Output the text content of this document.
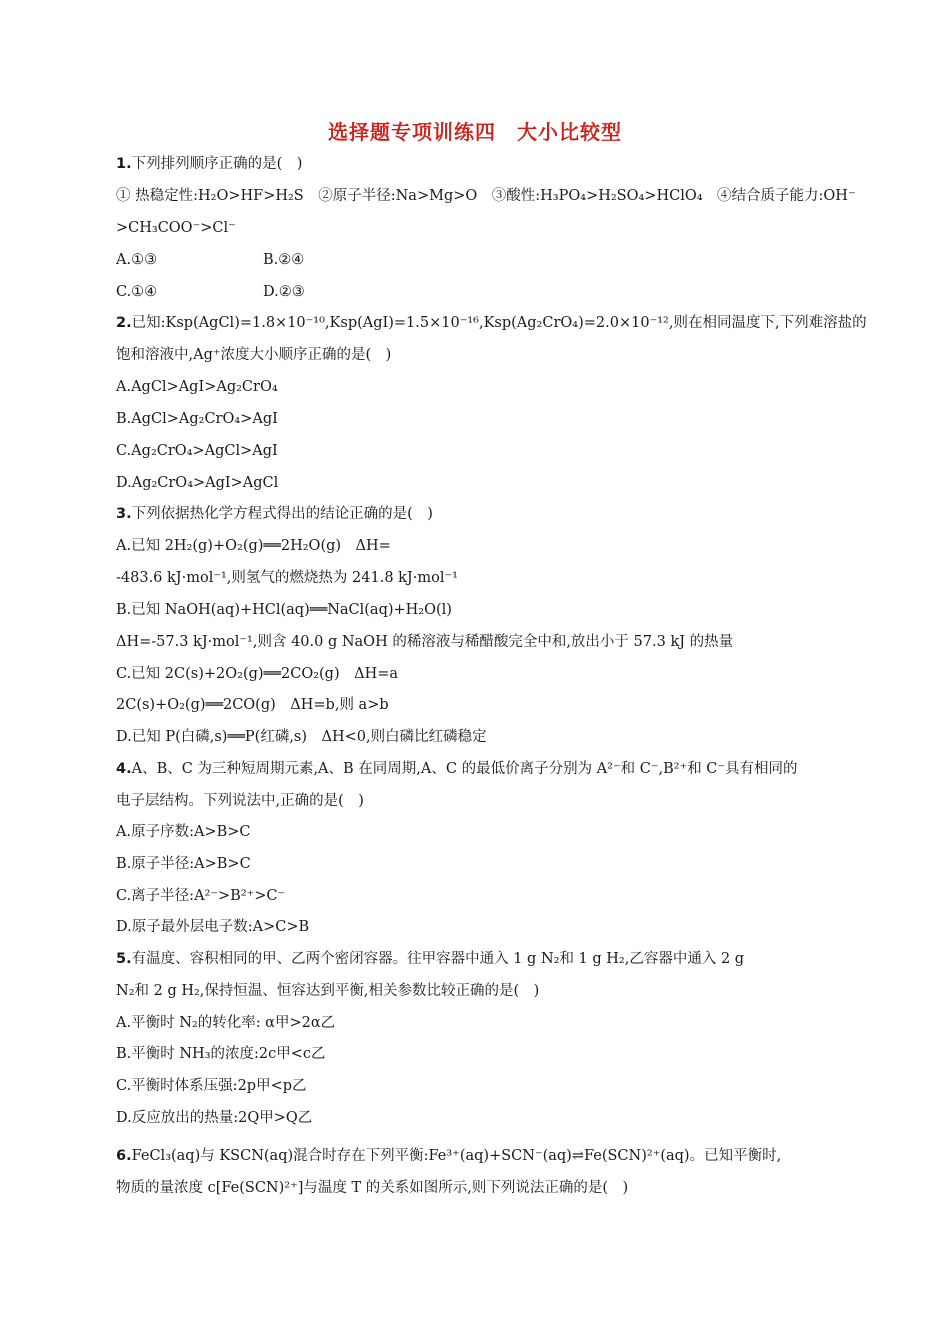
选择题专项训练四　大小比较型
1.下列排列顺序正确的是(　)
① 热稳定性:H₂O>HF>H₂S　②原子半径:Na>Mg>O　③酸性:H₃PO₄>H₂SO₄>HClO₄　④结合质子能力:OH⁻
>CH₃COO⁻>Cl⁻
A.①③	B.②④
C.①④	D.②③
2.已知:Ksp(AgCl)=1.8×10⁻¹⁰,Ksp(AgI)=1.5×10⁻¹⁶,Ksp(Ag₂CrO₄)=2.0×10⁻¹²,则在相同温度下,下列难溶盐的
饱和溶液中,Ag⁺浓度大小顺序正确的是(　)
A.AgCl>AgI>Ag₂CrO₄
B.AgCl>Ag₂CrO₄>AgI
C.Ag₂CrO₄>AgCl>AgI
D.Ag₂CrO₄>AgI>AgCl
3.下列依据热化学方程式得出的结论正确的是(　)
A.已知 2H₂(g)+O₂(g)══2H₂O(g)　ΔH=
-483.6 kJ·mol⁻¹,则氢气的燃烧热为 241.8 kJ·mol⁻¹
B.已知 NaOH(aq)+HCl(aq)══NaCl(aq)+H₂O(l)
ΔH=-57.3 kJ·mol⁻¹,则含 40.0 g NaOH 的稀溶液与稀醋酸完全中和,放出小于 57.3 kJ 的热量
C.已知 2C(s)+2O₂(g)══2CO₂(g)　ΔH=a
2C(s)+O₂(g)══2CO(g)　ΔH=b,则 a>b
D.已知 P(白磷,s)══P(红磷,s)　ΔH<0,则白磷比红磷稳定
4.A、B、C 为三种短周期元素,A、B 在同周期,A、C 的最低价离子分别为 A²⁻和 C⁻,B²⁺和 C⁻具有相同的
电子层结构。下列说法中,正确的是(　)
A.原子序数:A>B>C
B.原子半径:A>B>C
C.离子半径:A²⁻>B²⁺>C⁻
D.原子最外层电子数:A>C>B
5.有温度、容积相同的甲、乙两个密闭容器。往甲容器中通入 1 g N₂和 1 g H₂,乙容器中通入 2 g
N₂和 2 g H₂,保持恒温、恒容达到平衡,相关参数比较正确的是(　)
A.平衡时 N₂的转化率: α甲>2α乙
B.平衡时 NH₃的浓度:2c甲<c乙
C.平衡时体系压强:2p甲<p乙
D.反应放出的热量:2Q甲>Q乙
6.FeCl₃(aq)与 KSCN(aq)混合时存在下列平衡:Fe³⁺(aq)+SCN⁻(aq)⇌Fe(SCN)²⁺(aq)。已知平衡时,
物质的量浓度 c[Fe(SCN)²⁺]与温度 T 的关系如图所示,则下列说法正确的是(　)
